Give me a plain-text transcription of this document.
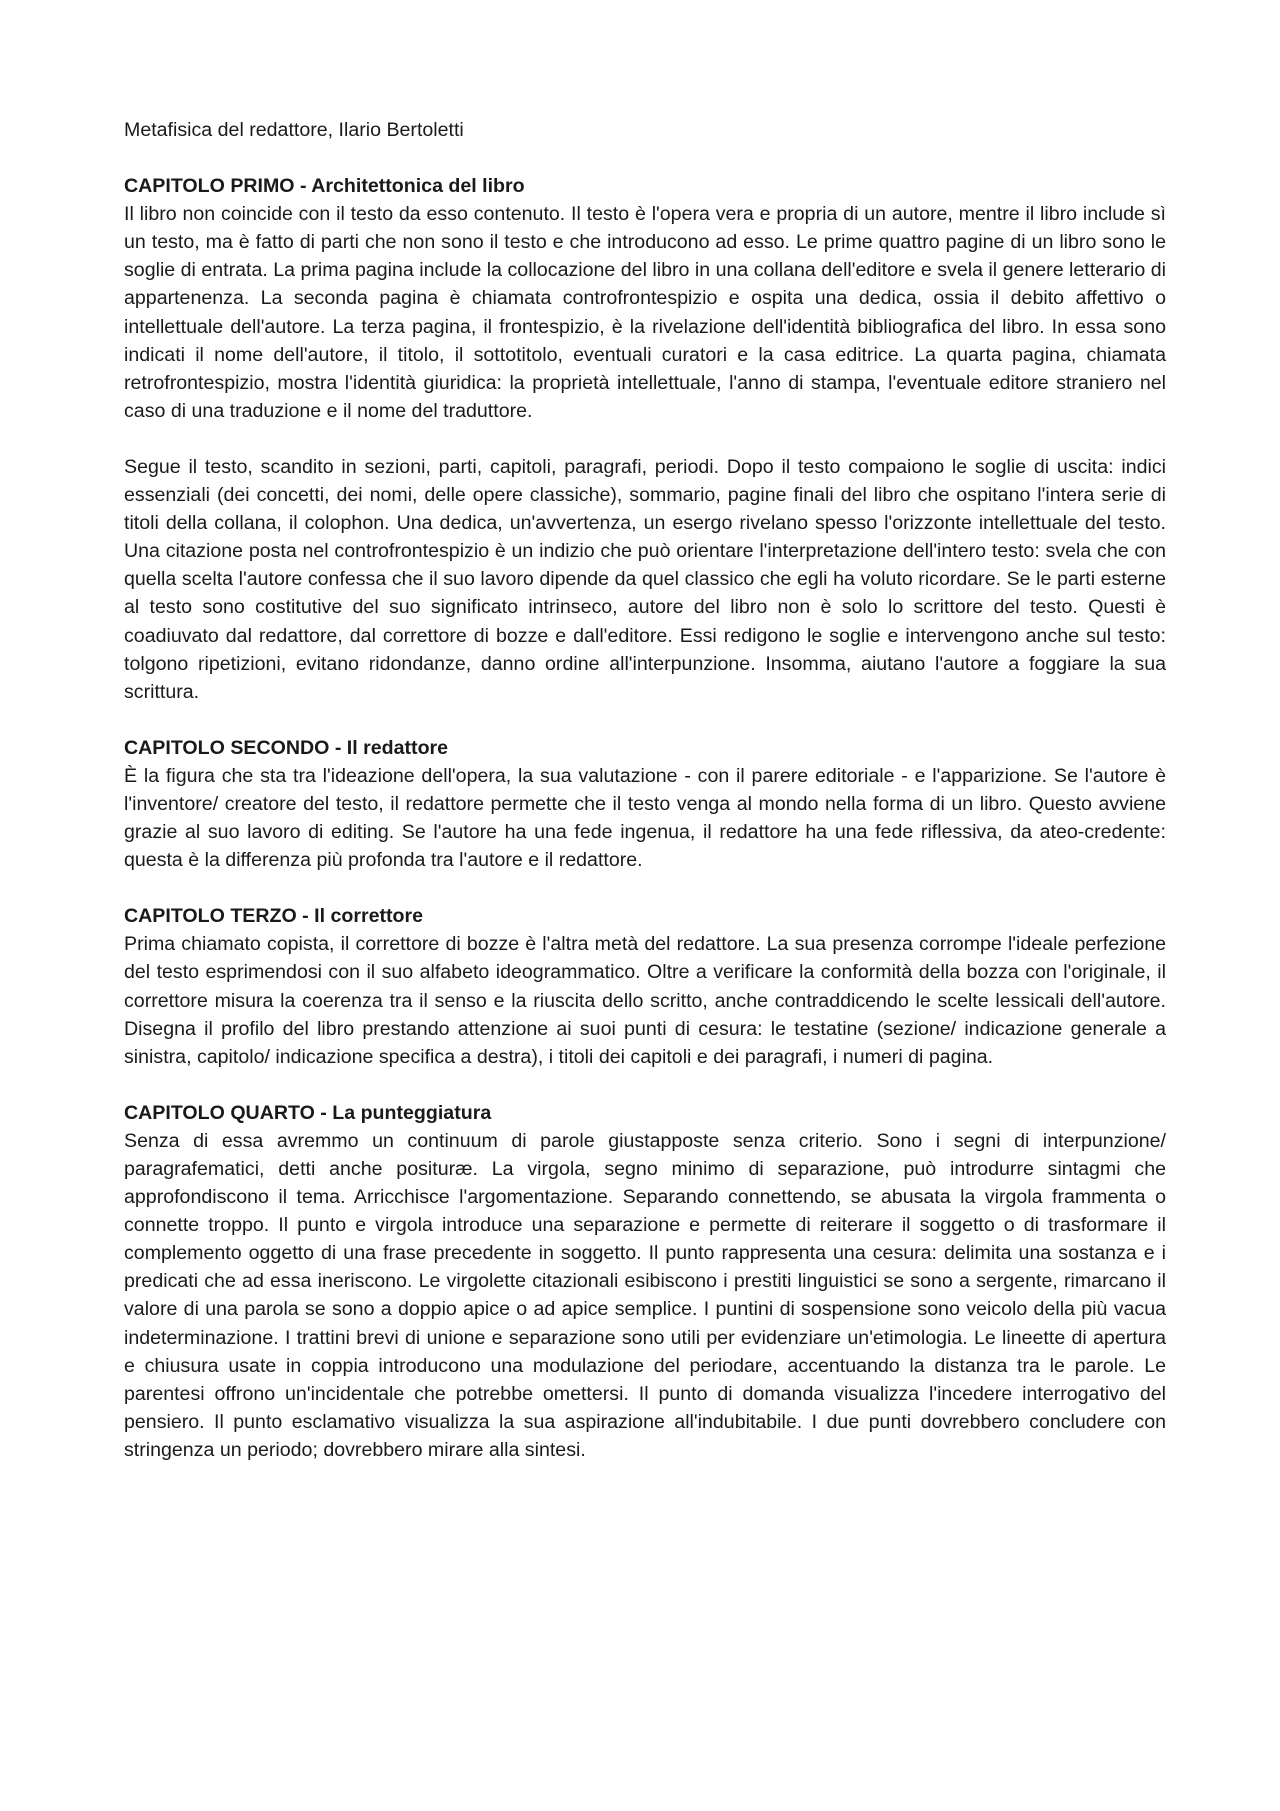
Metafisica del redattore, Ilario Bertoletti

CAPITOLO PRIMO - Architettonica del libro

Il libro non coincide con il testo da esso contenuto. Il testo è l'opera vera e propria di un autore, mentre il libro include sì un testo, ma è fatto di parti che non sono il testo e che introducono ad esso. Le prime quattro pagine di un libro sono le soglie di entrata. La prima pagina include la collocazione del libro in una collana dell'editore e svela il genere letterario di appartenenza. La seconda pagina è chiamata controfrontespizio e ospita una dedica, ossia il debito affettivo o intellettuale dell'autore. La terza pagina, il frontespizio, è la rivelazione dell'identità bibliografica del libro. In essa sono indicati il nome dell'autore, il titolo, il sottotitolo, eventuali curatori e la casa editrice. La quarta pagina, chiamata retrofrontespizio, mostra l'identità giuridica: la proprietà intellettuale, l'anno di stampa, l'eventuale editore straniero nel caso di una traduzione e il nome del traduttore.

Segue il testo, scandito in sezioni, parti, capitoli, paragrafi, periodi. Dopo il testo compaiono le soglie di uscita: indici essenziali (dei concetti, dei nomi, delle opere classiche), sommario, pagine finali del libro che ospitano l'intera serie di titoli della collana, il colophon. Una dedica, un'avvertenza, un esergo rivelano spesso l'orizzonte intellettuale del testo. Una citazione posta nel controfrontespizio è un indizio che può orientare l'interpretazione dell'intero testo: svela che con quella scelta l'autore confessa che il suo lavoro dipende da quel classico che egli ha voluto ricordare. Se le parti esterne al testo sono costitutive del suo significato intrinseco, autore del libro non è solo lo scrittore del testo. Questi è coadiuvato dal redattore, dal correttore di bozze e dall'editore. Essi redigono le soglie e intervengono anche sul testo: tolgono ripetizioni, evitano ridondanze, danno ordine all'interpunzione. Insomma, aiutano l'autore a foggiare la sua scrittura.

CAPITOLO SECONDO - Il redattore

È la figura che sta tra l'ideazione dell'opera, la sua valutazione - con il parere editoriale - e l'apparizione. Se l'autore è l'inventore/ creatore del testo, il redattore permette che il testo venga al mondo nella forma di un libro. Questo avviene grazie al suo lavoro di editing. Se l'autore ha una fede ingenua, il redattore ha una fede riflessiva, da ateo-credente: questa è la differenza più profonda tra l'autore e il redattore.

CAPITOLO TERZO - Il correttore

Prima chiamato copista, il correttore di bozze è l'altra metà del redattore. La sua presenza corrompe l'ideale perfezione del testo esprimendosi con il suo alfabeto ideogrammatico. Oltre a verificare la conformità della bozza con l'originale, il correttore misura la coerenza tra il senso e la riuscita dello scritto, anche contraddicendo le scelte lessicali dell'autore. Disegna il profilo del libro prestando attenzione ai suoi punti di cesura: le testatine (sezione/ indicazione generale a sinistra, capitolo/ indicazione specifica a destra), i titoli dei capitoli e dei paragrafi, i numeri di pagina.

CAPITOLO QUARTO - La punteggiatura

Senza di essa avremmo un continuum di parole giustapposte senza criterio. Sono i segni di interpunzione/ paragrafematici, detti anche posituræ. La virgola, segno minimo di separazione, può introdurre sintagmi che approfondiscono il tema. Arricchisce l'argomentazione. Separando connettendo, se abusata la virgola frammenta o connette troppo. Il punto e virgola introduce una separazione e permette di reiterare il soggetto o di trasformare il complemento oggetto di una frase precedente in soggetto. Il punto rappresenta una cesura: delimita una sostanza e i predicati che ad essa ineriscono. Le virgolette citazionali esibiscono i prestiti linguistici se sono a sergente, rimarcano il valore di una parola se sono a doppio apice o ad apice semplice. I puntini di sospensione sono veicolo della più vacua indeterminazione. I trattini brevi di unione e separazione sono utili per evidenziare un'etimologia. Le lineette di apertura e chiusura usate in coppia introducono una modulazione del periodare, accentuando la distanza tra le parole. Le parentesi offrono un'incidentale che potrebbe omettersi. Il punto di domanda visualizza l'incedere interrogativo del pensiero. Il punto esclamativo visualizza la sua aspirazione all'indubitabile. I due punti dovrebbero concludere con stringenza un periodo; dovrebbero mirare alla sintesi.
